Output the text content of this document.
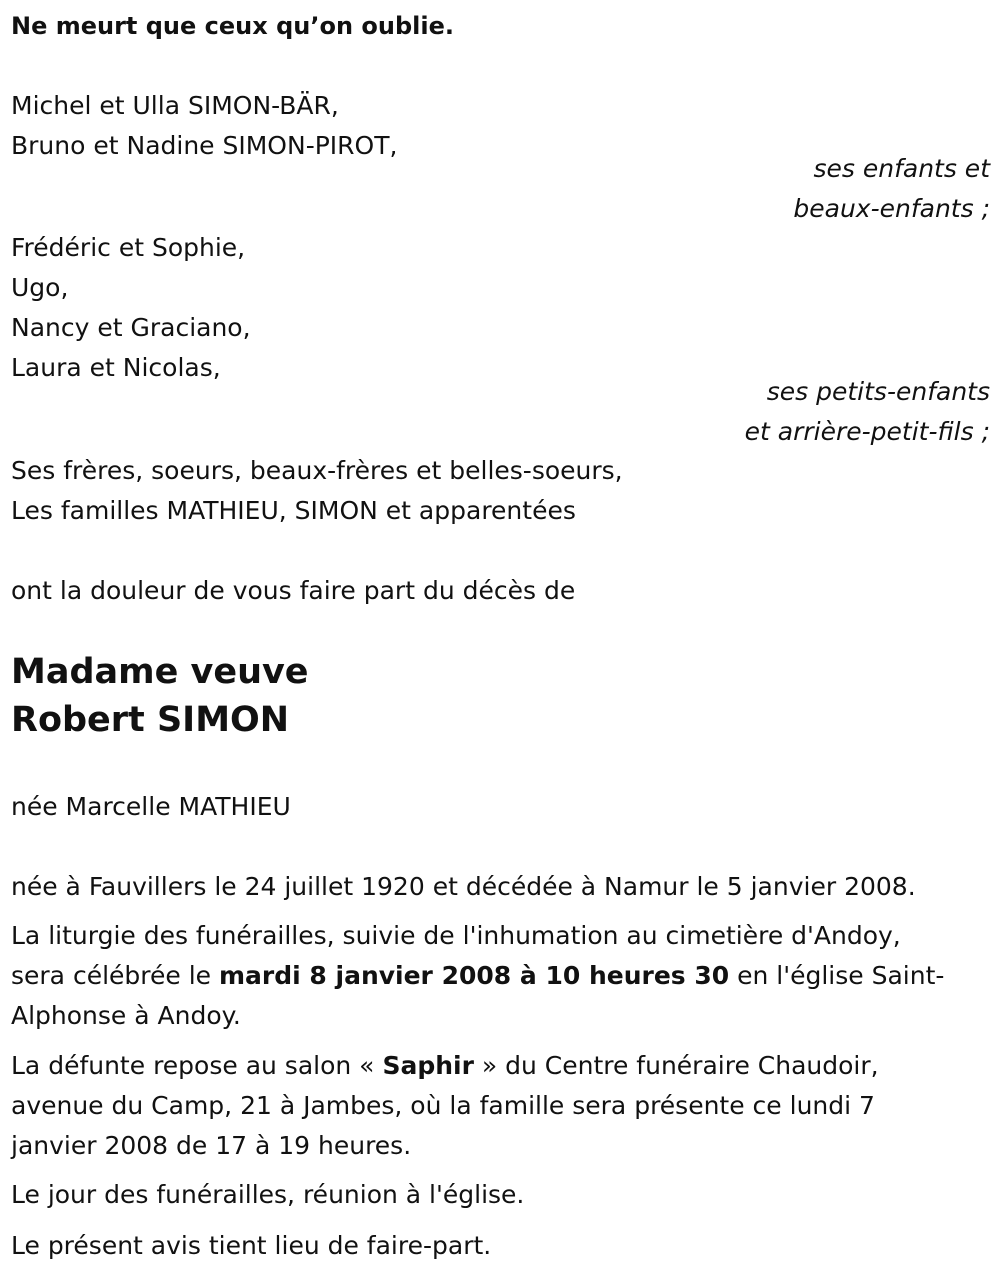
Ne meurt que ceux qu’on oublie.
Michel et Ulla SIMON-BÄR,
Bruno et Nadine SIMON-PIROT,
ses enfants et
beaux-enfants ;
Frédéric et Sophie,
Ugo,
Nancy et Graciano,
Laura et Nicolas,
ses petits-enfants
et arrière-petit-fils ;
Ses frères, soeurs, beaux-frères et belles-soeurs,
Les familles MATHIEU, SIMON et apparentées
ont la douleur de vous faire part du décès de
Madame veuve
Robert SIMON
née Marcelle MATHIEU
née à Fauvillers le 24 juillet 1920 et décédée à Namur le 5 janvier 2008.
La liturgie des funérailles, suivie de l'inhumation au cimetière d'Andoy,
sera célébrée le mardi 8 janvier 2008 à 10 heures 30 en l'église Saint-
Alphonse à Andoy.
La défunte repose au salon « Saphir » du Centre funéraire Chaudoir,
avenue du Camp, 21 à Jambes, où la famille sera présente ce lundi 7
janvier 2008 de 17 à 19 heures.
Le jour des funérailles, réunion à l'église.
Le présent avis tient lieu de faire-part.
